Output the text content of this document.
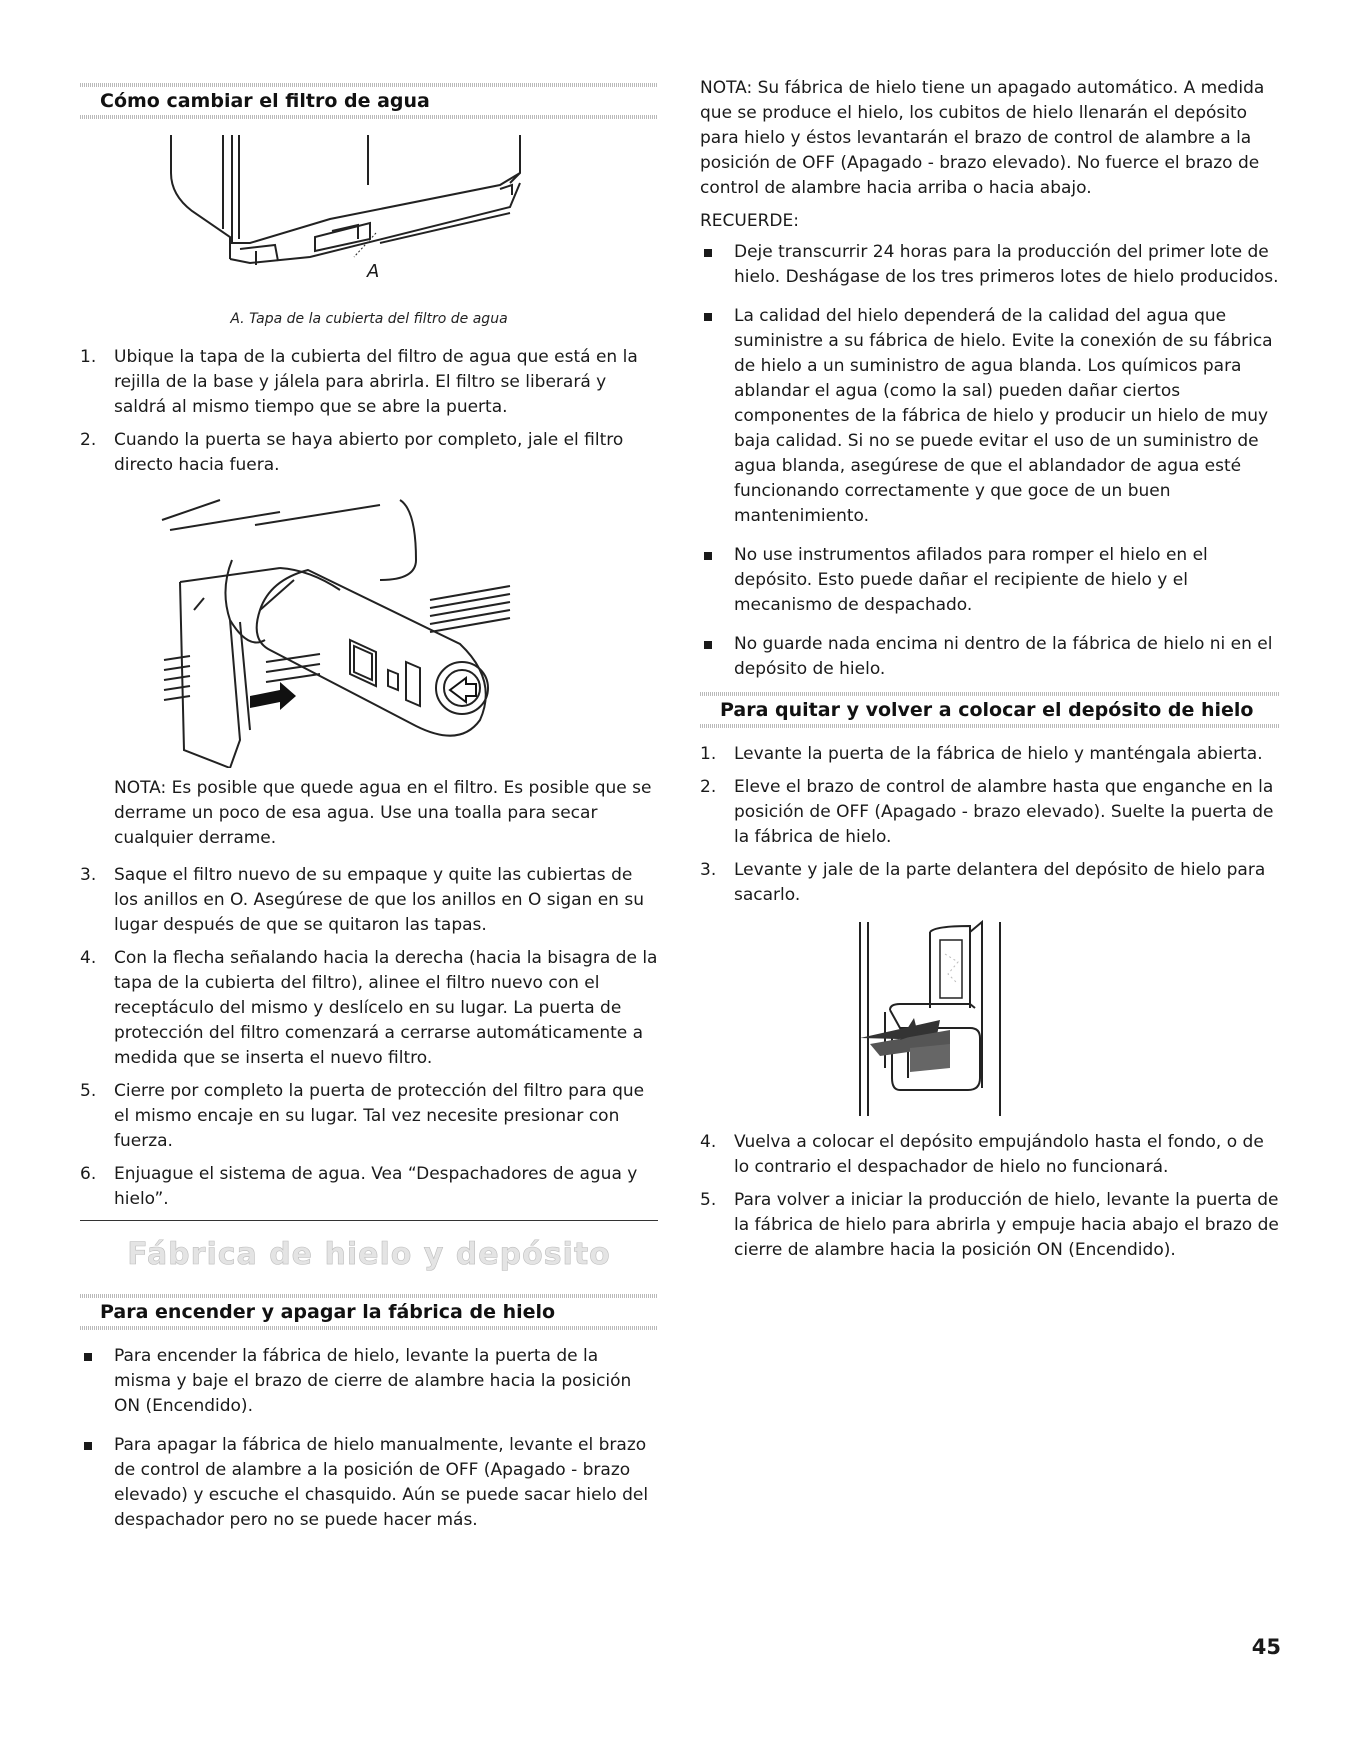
Cómo cambiar el filtro de agua
A

A. Tapa de la cubierta del filtro de agua

1. Ubique la tapa de la cubierta del filtro de agua que está en la rejilla de la base y jálela para abrirla. El filtro se liberará y saldrá al mismo tiempo que se abre la puerta.
2. Cuando la puerta se haya abierto por completo, jale el filtro directo hacia fuera.

NOTA: Es posible que quede agua en el filtro. Es posible que se derrame un poco de esa agua. Use una toalla para secar cualquier derrame.

3. Saque el filtro nuevo de su empaque y quite las cubiertas de los anillos en O. Asegúrese de que los anillos en O sigan en su lugar después de que se quitaron las tapas.
4. Con la flecha señalando hacia la derecha (hacia la bisagra de la tapa de la cubierta del filtro), alinee el filtro nuevo con el receptáculo del mismo y deslícelo en su lugar. La puerta de protección del filtro comenzará a cerrarse automáticamente a medida que se inserta el nuevo filtro.
5. Cierre por completo la puerta de protección del filtro para que el mismo encaje en su lugar. Tal vez necesite presionar con fuerza.
6. Enjuague el sistema de agua. Vea “Despachadores de agua y hielo”.
Fábrica de hielo y depósito
Para encender y apagar la fábrica de hielo
Para encender la fábrica de hielo, levante la puerta de la misma y baje el brazo de cierre de alambre hacia la posición ON (Encendido).
Para apagar la fábrica de hielo manualmente, levante el brazo de control de alambre a la posición de OFF (Apagado - brazo elevado) y escuche el chasquido. Aún se puede sacar hielo del despachador pero no se puede hacer más.

NOTA: Su fábrica de hielo tiene un apagado automático. A medida que se produce el hielo, los cubitos de hielo llenarán el depósito para hielo y éstos levantarán el brazo de control de alambre a la posición de OFF (Apagado - brazo elevado). No fuerce el brazo de control de alambre hacia arriba o hacia abajo.

RECUERDE:

Deje transcurrir 24 horas para la producción del primer lote de hielo. Deshágase de los tres primeros lotes de hielo producidos.
La calidad del hielo dependerá de la calidad del agua que suministre a su fábrica de hielo. Evite la conexión de su fábrica de hielo a un suministro de agua blanda. Los químicos para ablandar el agua (como la sal) pueden dañar ciertos componentes de la fábrica de hielo y producir un hielo de muy baja calidad. Si no se puede evitar el uso de un suministro de agua blanda, asegúrese de que el ablandador de agua esté funcionando correctamente y que goce de un buen mantenimiento.
No use instrumentos afilados para romper el hielo en el depósito. Esto puede dañar el recipiente de hielo y el mecanismo de despachado.
No guarde nada encima ni dentro de la fábrica de hielo ni en el depósito de hielo.
Para quitar y volver a colocar el depósito de hielo
1. Levante la puerta de la fábrica de hielo y manténgala abierta.
2. Eleve el brazo de control de alambre hasta que enganche en la posición de OFF (Apagado - brazo elevado). Suelte la puerta de la fábrica de hielo.
3. Levante y jale de la parte delantera del depósito de hielo para sacarlo.
4. Vuelva a colocar el depósito empujándolo hasta el fondo, o de lo contrario el despachador de hielo no funcionará.
5. Para volver a iniciar la producción de hielo, levante la puerta de la fábrica de hielo para abrirla y empuje hacia abajo el brazo de cierre de alambre hacia la posición ON (Encendido).
45
